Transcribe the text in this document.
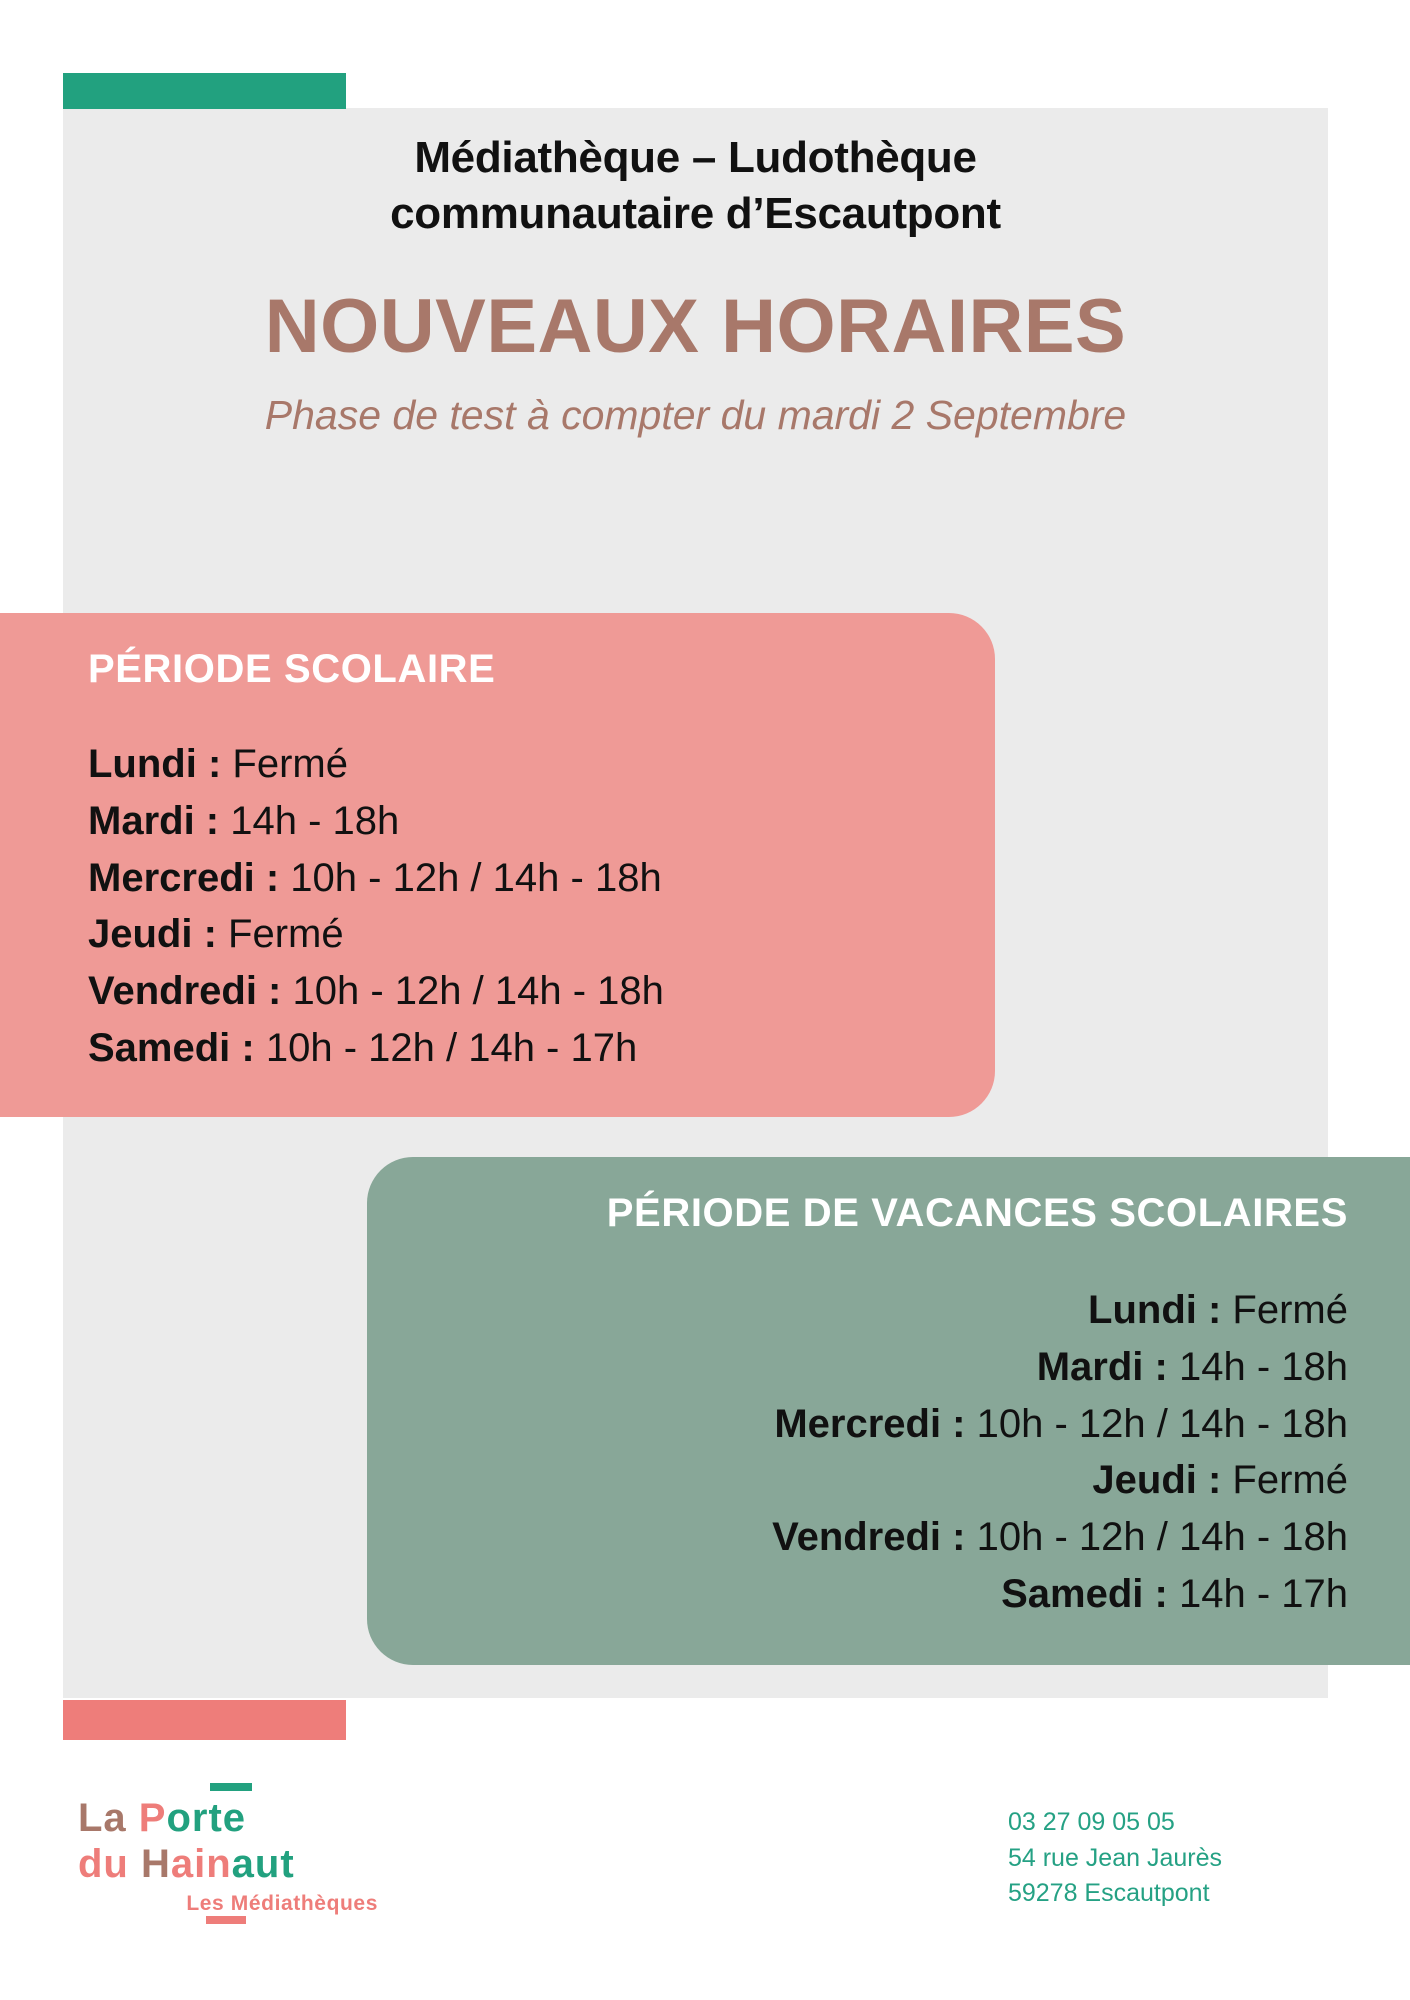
Médiathèque – Ludothèque
communautaire d’Escautpont
NOUVEAUX HORAIRES
Phase de test à compter du mardi 2 Septembre
PÉRIODE SCOLAIRE
Lundi : Fermé
Mardi : 14h - 18h
Mercredi : 10h - 12h / 14h - 18h
Jeudi : Fermé
Vendredi : 10h - 12h / 14h - 18h
Samedi : 10h - 12h / 14h - 17h
PÉRIODE DE VACANCES SCOLAIRES
Lundi : Fermé
Mardi : 14h - 18h
Mercredi : 10h - 12h / 14h - 18h
Jeudi : Fermé
Vendredi : 10h - 12h / 14h - 18h
Samedi : 14h - 17h
La Porte
du Hainaut
Les Médiathèques
03 27 09 05 05
54 rue Jean Jaurès
59278 Escautpont
